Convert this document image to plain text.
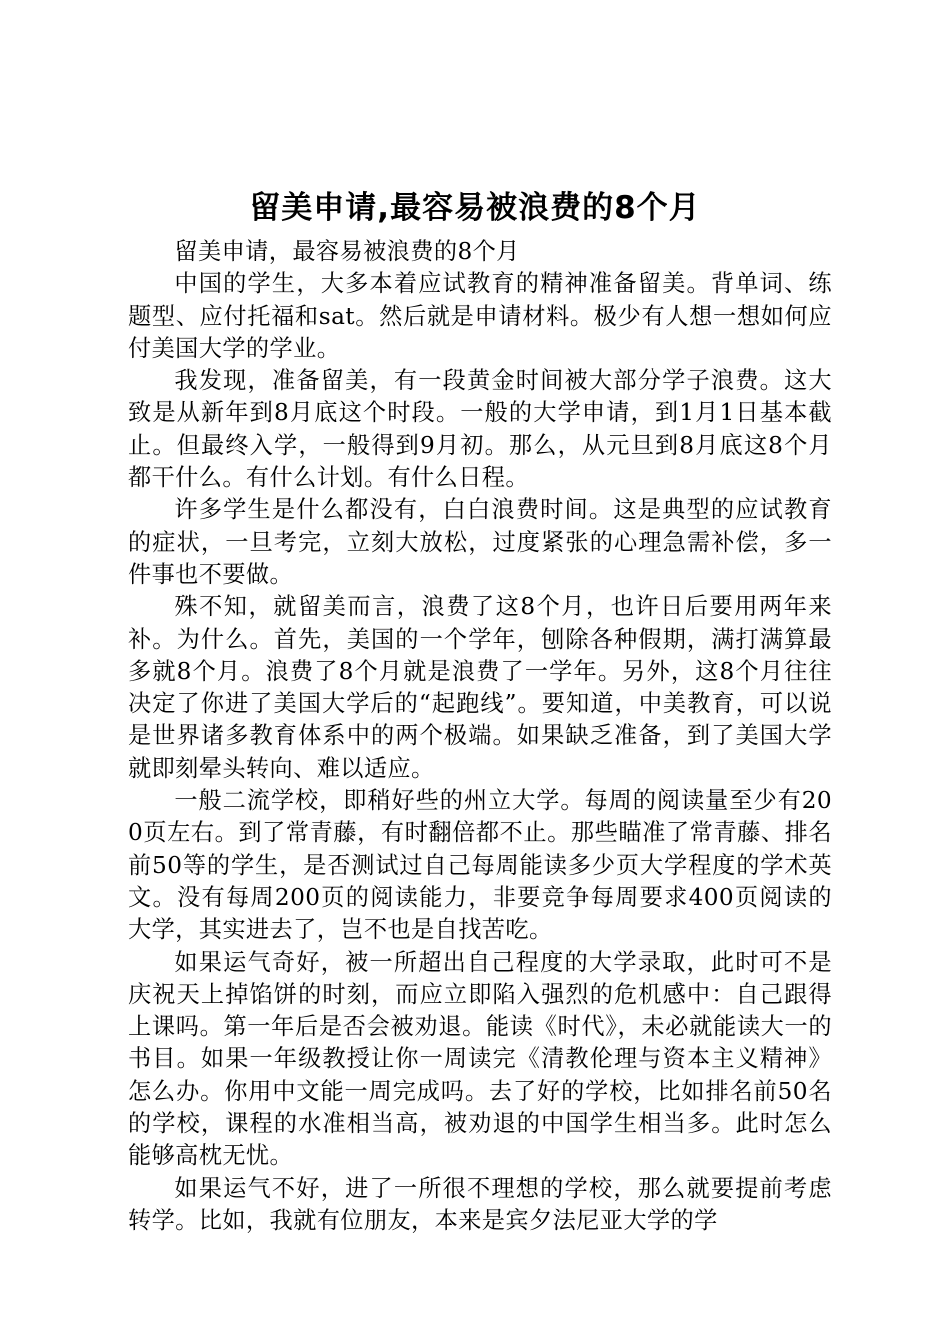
留美申请,最容易被浪费的8个月

留美申请，最容易被浪费的8个月

中国的学生，大多本着应试教育的精神准备留美。背单词、练题型、应付托福和sat。然后就是申请材料。极少有人想一想如何应付美国大学的学业。

我发现，准备留美，有一段黄金时间被大部分学子浪费。这大致是从新年到8月底这个时段。一般的大学申请，到1月1日基本截止。但最终入学，一般得到9月初。那么，从元旦到8月底这8个月都干什么。有什么计划。有什么日程。

许多学生是什么都没有，白白浪费时间。这是典型的应试教育的症状，一旦考完，立刻大放松，过度紧张的心理急需补偿，多一件事也不要做。

殊不知，就留美而言，浪费了这8个月，也许日后要用两年来补。为什么。首先，美国的一个学年，刨除各种假期，满打满算最多就8个月。浪费了8个月就是浪费了一学年。另外，这8个月往往决定了你进了美国大学后的“起跑线”。要知道，中美教育，可以说是世界诸多教育体系中的两个极端。如果缺乏准备，到了美国大学就即刻晕头转向、难以适应。

一般二流学校，即稍好些的州立大学。每周的阅读量至少有200页左右。到了常青藤，有时翻倍都不止。那些瞄准了常青藤、排名前50等的学生，是否测试过自己每周能读多少页大学程度的学术英文。没有每周200页的阅读能力，非要竞争每周要求400页阅读的大学，其实进去了，岂不也是自找苦吃。

如果运气奇好，被一所超出自己程度的大学录取，此时可不是庆祝天上掉馅饼的时刻，而应立即陷入强烈的危机感中：自己跟得上课吗。第一年后是否会被劝退。能读《时代》，未必就能读大一的书目。如果一年级教授让你一周读完《清教伦理与资本主义精神》怎么办。你用中文能一周完成吗。去了好的学校，比如排名前50名的学校，课程的水准相当高，被劝退的中国学生相当多。此时怎么能够高枕无忧。

如果运气不好，进了一所很不理想的学校，那么就要提前考虑转学。比如，我就有位朋友，本来是宾夕法尼亚大学的学
